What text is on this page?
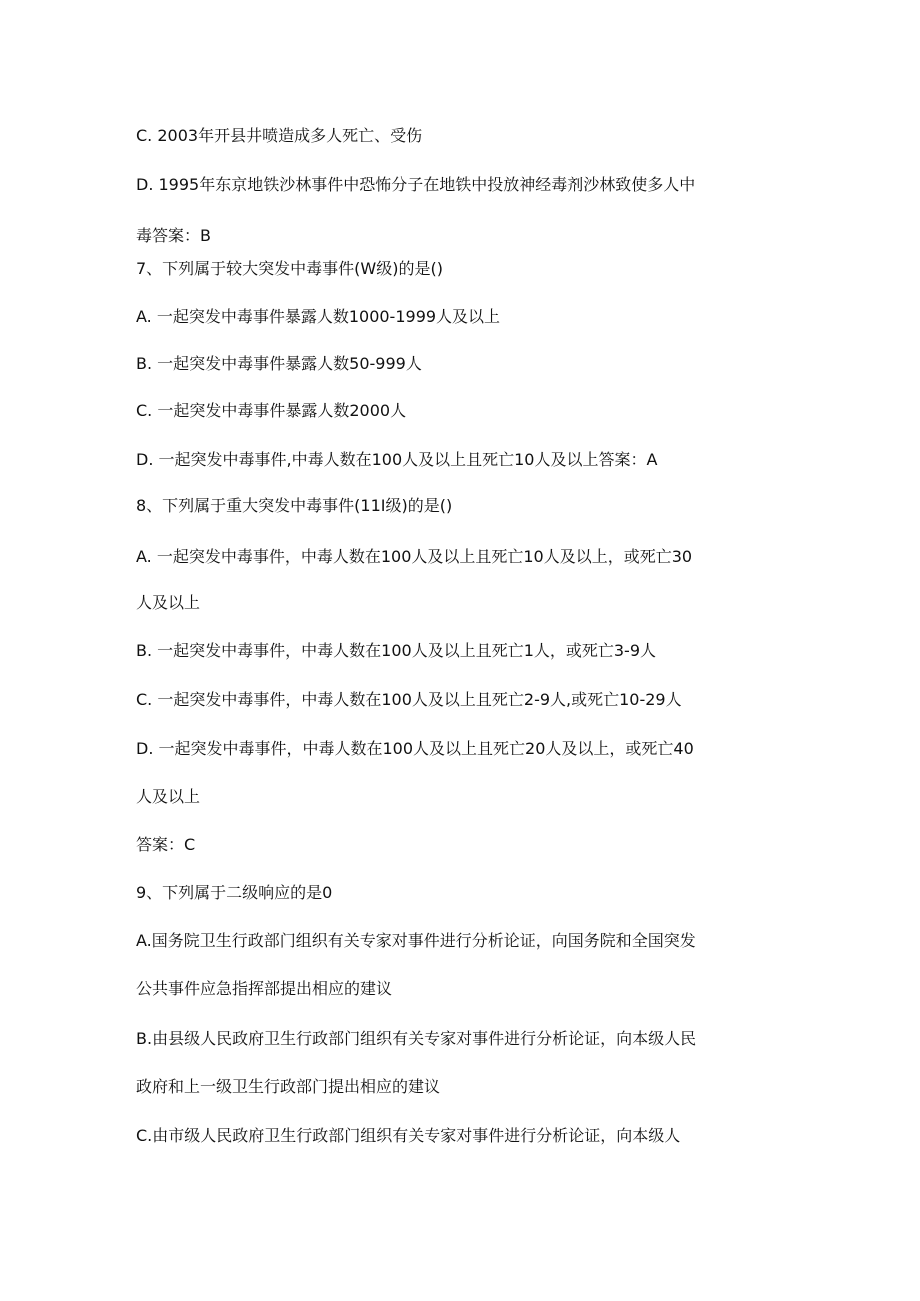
C. 2003年开县井喷造成多人死亡、受伤
D. 1995年东京地铁沙林事件中恐怖分子在地铁中投放神经毒剂沙林致使多人中
毒答案：B
7、下列属于较大突发中毒事件(W级)的是()
A. 一起突发中毒事件暴露人数1000-1999人及以上
B. 一起突发中毒事件暴露人数50-999人
C. 一起突发中毒事件暴露人数2000人
D. 一起突发中毒事件,中毒人数在100人及以上且死亡10人及以上答案：A
8、下列属于重大突发中毒事件(11I级)的是()
A. 一起突发中毒事件，中毒人数在100人及以上且死亡10人及以上，或死亡30
人及以上
B. 一起突发中毒事件，中毒人数在100人及以上且死亡1人，或死亡3-9人
C. 一起突发中毒事件，中毒人数在100人及以上且死亡2-9人,或死亡10-29人
D. 一起突发中毒事件，中毒人数在100人及以上且死亡20人及以上，或死亡40
人及以上
答案：C
9、下列属于二级响应的是0
A.国务院卫生行政部门组织有关专家对事件进行分析论证，向国务院和全国突发
公共事件应急指挥部提出相应的建议
B.由县级人民政府卫生行政部门组织有关专家对事件进行分析论证，向本级人民
政府和上一级卫生行政部门提出相应的建议
C.由市级人民政府卫生行政部门组织有关专家对事件进行分析论证，向本级人
